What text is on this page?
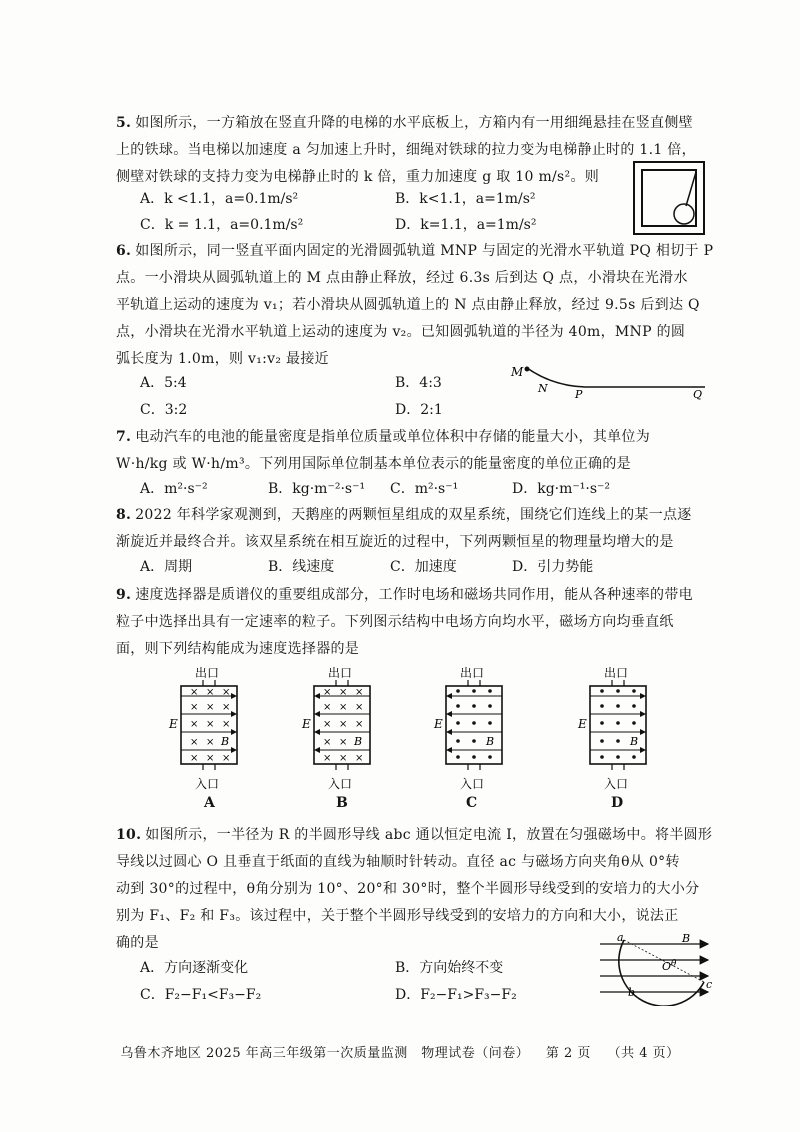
5. 如图所示，一方箱放在竖直升降的电梯的水平底板上，方箱内有一用细绳悬挂在竖直侧壁

上的铁球。当电梯以加速度 a 匀加速上升时，细绳对铁球的拉力变为电梯静止时的 1.1 倍，

侧壁对铁球的支持力变为电梯静止时的 k 倍，重力加速度 g 取 10 m/s²。则

A．k <1.1，a=0.1m/s²	B．k<1.1，a=1m/s²
C．k = 1.1，a=0.1m/s²	D．k=1.1，a=1m/s²

6. 如图所示，同一竖直平面内固定的光滑圆弧轨道 MNP 与固定的光滑水平轨道 PQ 相切于 P

点。一小滑块从圆弧轨道上的 M 点由静止释放，经过 6.3s 后到达 Q 点，小滑块在光滑水

平轨道上运动的速度为 v₁；若小滑块从圆弧轨道上的 N 点由静止释放，经过 9.5s 后到达 Q

点，小滑块在光滑水平轨道上运动的速度为 v₂。已知圆弧轨道的半径为 40m，MNP 的圆

弧长度为 1.0m，则 v₁:v₂ 最接近

A．5:4	B．4:3
C．3:2	D．2:1
M
N P	Q

7. 电动汽车的电池的能量密度是指单位质量或单位体积中存储的能量大小，其单位为

W·h/kg 或 W·h/m³。下列用国际单位制基本单位表示的能量密度的单位正确的是

A．m²·s⁻²	B．kg·m⁻²·s⁻¹ C．m²·s⁻¹	D．kg·m⁻¹·s⁻²

8. 2022 年科学家观测到，天鹅座的两颗恒星组成的双星系统，围绕它们连线上的某一点逐

渐旋近并最终合并。该双星系统在相互旋近的过程中，下列两颗恒星的物理量均增大的是

A．周期	B．线速度	C．加速度	D．引力势能

9. 速度选择器是质谱仪的重要组成部分，工作时电场和磁场共同作用，能从各种速率的带电

粒子中选择出具有一定速率的粒子。下列图示结构中电场方向均水平，磁场方向均垂直纸

面，则下列结构能成为速度选择器的是

出口
入口
E
× × ×
× × ×
× × ×
× ×
× × ×
B
出口
入口
E
× × ×
× × ×
× × ×
× ×
× × ×
B
出口
入口
E
B
出口
入口
E
B
A	B	C	D

10. 如图所示，一半径为 R 的半圆形导线 abc 通以恒定电流 I，放置在匀强磁场中。将半圆形

导线以过圆心 O 且垂直于纸面的直线为轴顺时针转动。直径 ac 与磁场方向夹角θ从 0°转

动到 30°的过程中，θ角分别为 10°、20°和 30°时，整个半圆形导线受到的安培力的大小分

别为 F₁、F₂ 和 F₃。该过程中，关于整个半圆形导线受到的安培力的方向和大小，说法正

确的是

A．方向逐渐变化	B．方向始终不变
C．F₂−F₁<F₃−F₂	D．F₂−F₁>F₃−F₂
B
a
O θ
b
c
乌鲁木齐地区 2025 年高三年级第一次质量监测　物理试卷（问卷） 第 2 页 （共 4 页）
